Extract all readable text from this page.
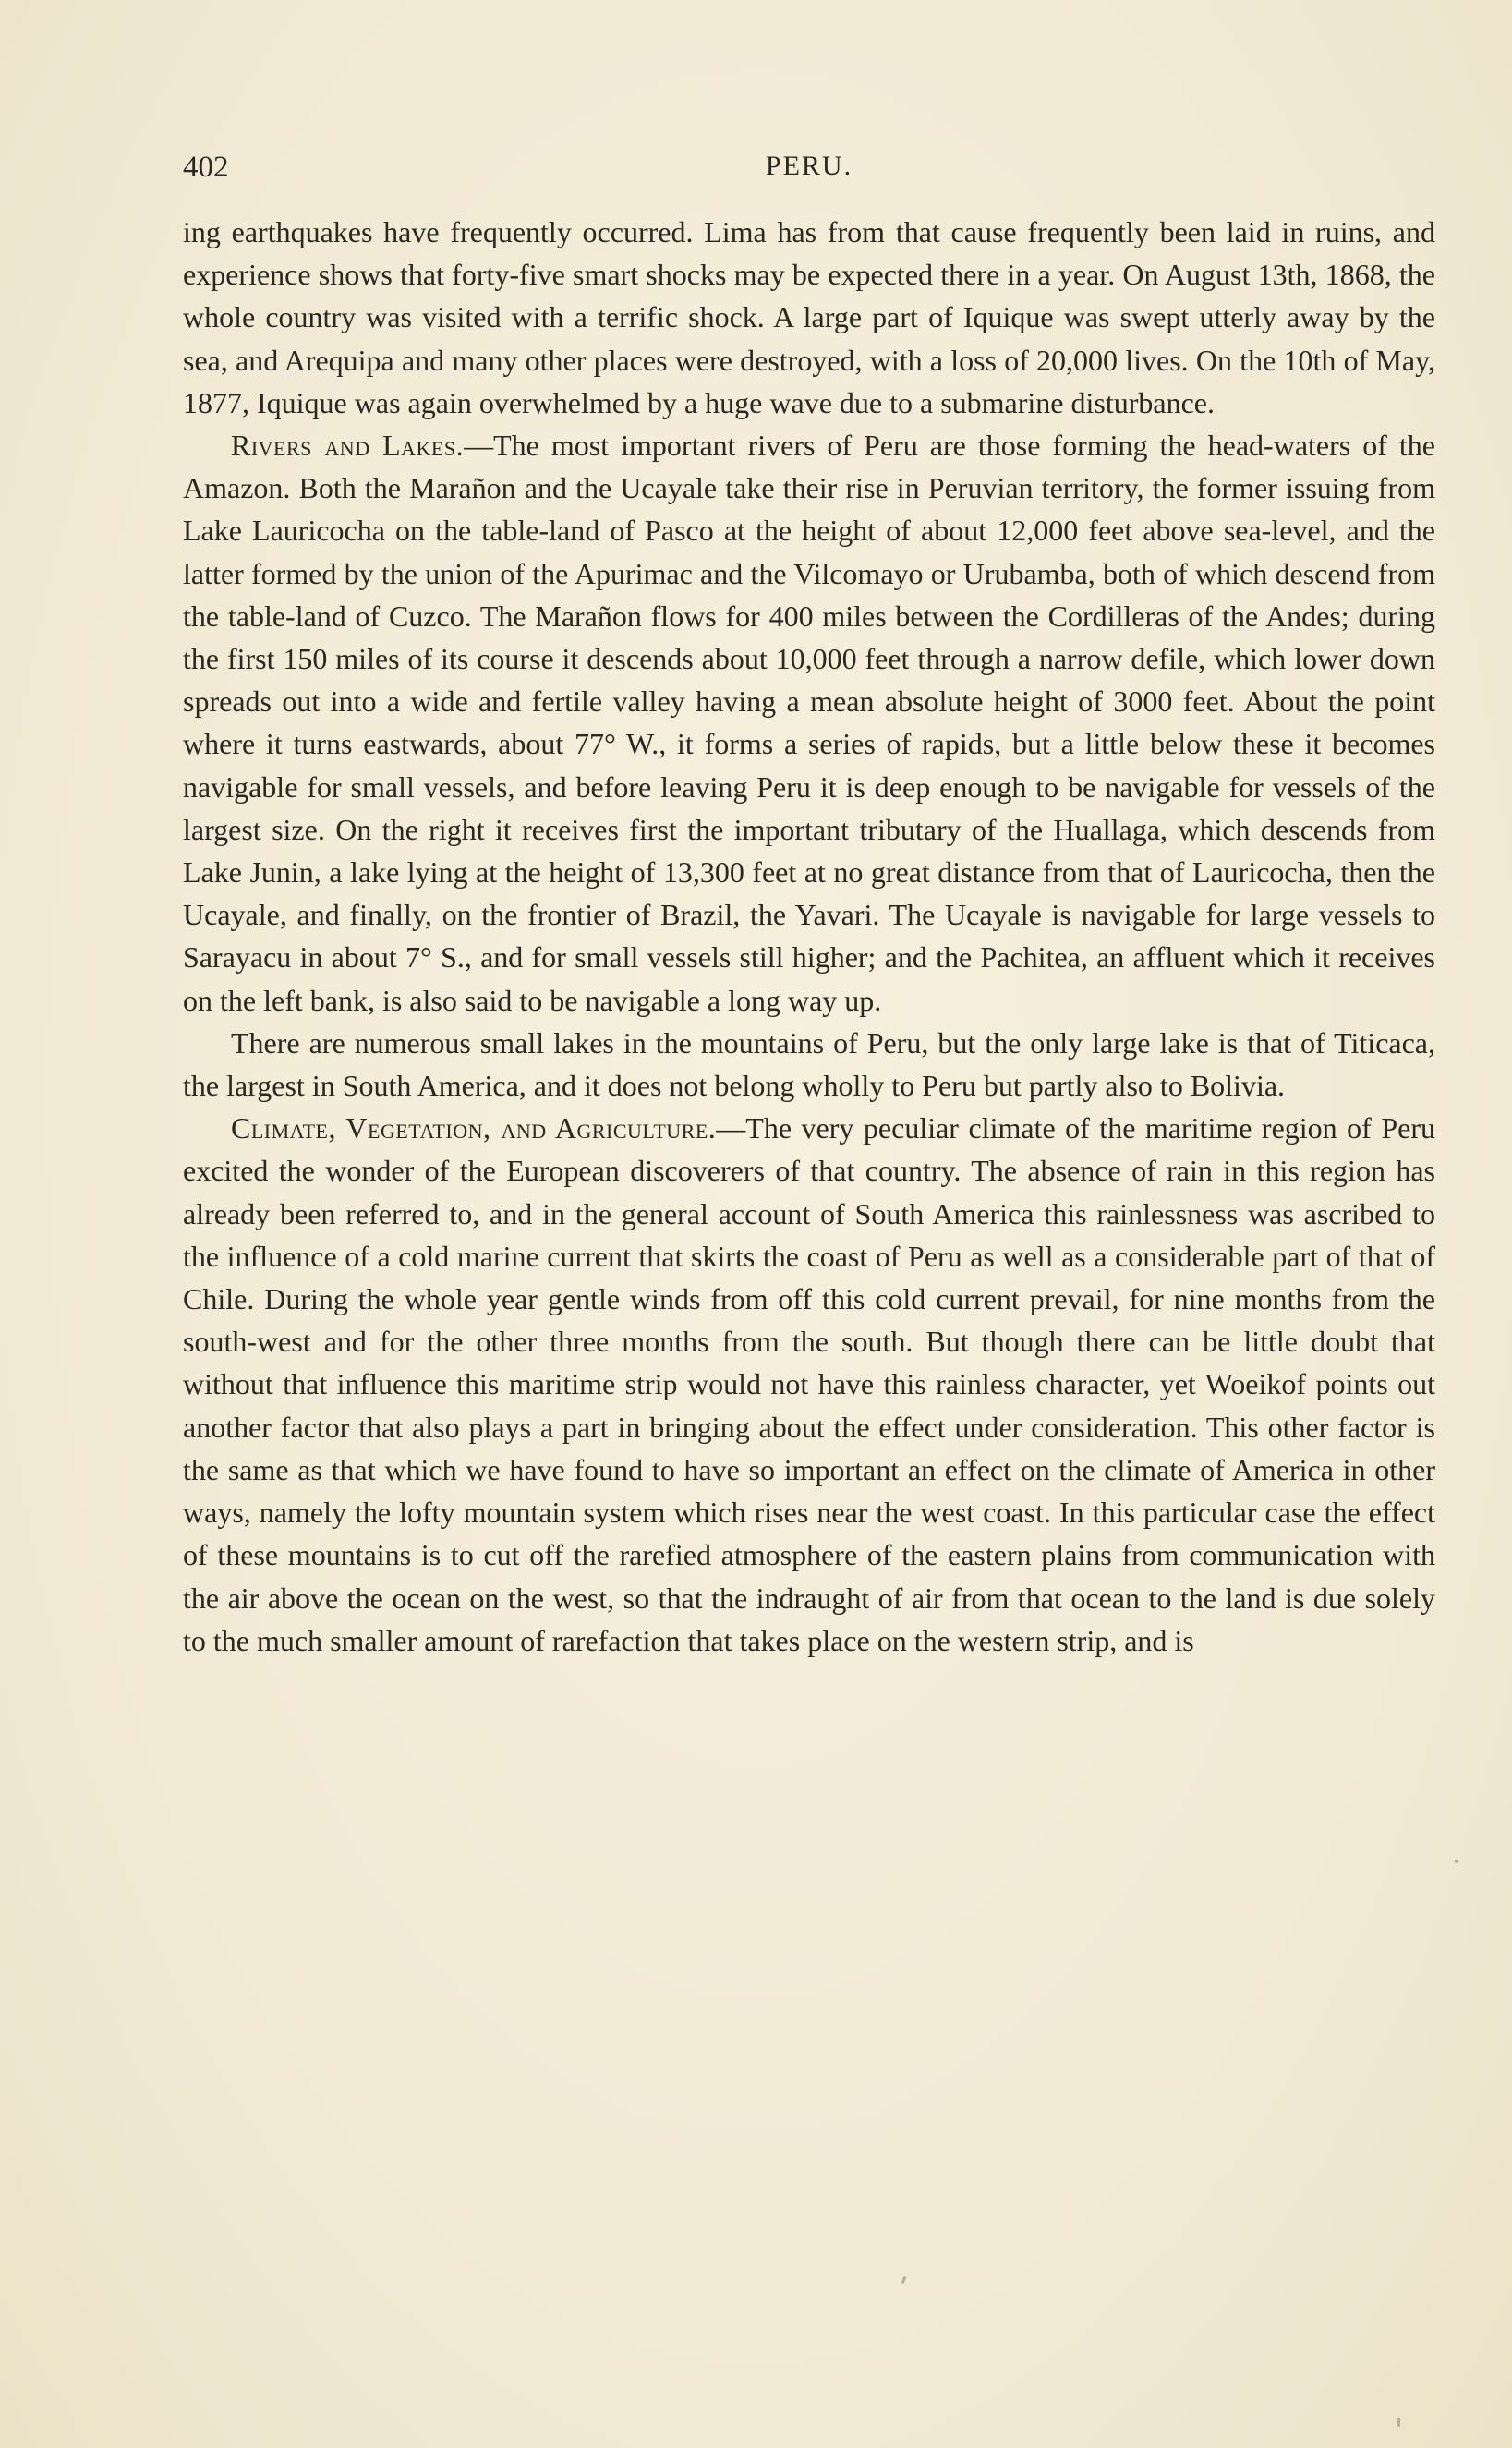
402	PERU.

ing earthquakes have frequently occurred. Lima has from that cause frequently been laid in ruins, and experience shows that forty-five smart shocks may be expected there in a year. On August 13th, 1868, the whole country was visited with a terrific shock. A large part of Iquique was swept utterly away by the sea, and Arequipa and many other places were destroyed, with a loss of 20,000 lives. On the 10th of May, 1877, Iquique was again overwhelmed by a huge wave due to a submarine disturbance.

Rivers and Lakes.—The most important rivers of Peru are those forming the head-waters of the Amazon. Both the Marañon and the Ucayale take their rise in Peruvian territory, the former issuing from Lake Lauricocha on the table-land of Pasco at the height of about 12,000 feet above sea-level, and the latter formed by the union of the Apurimac and the Vilcomayo or Urubamba, both of which descend from the table-land of Cuzco. The Marañon flows for 400 miles between the Cordilleras of the Andes; during the first 150 miles of its course it descends about 10,000 feet through a narrow defile, which lower down spreads out into a wide and fertile valley having a mean absolute height of 3000 feet. About the point where it turns eastwards, about 77° W., it forms a series of rapids, but a little below these it becomes navigable for small vessels, and before leaving Peru it is deep enough to be navigable for vessels of the largest size. On the right it receives first the important tributary of the Huallaga, which descends from Lake Junin, a lake lying at the height of 13,300 feet at no great distance from that of Lauricocha, then the Ucayale, and finally, on the frontier of Brazil, the Yavari. The Ucayale is navigable for large vessels to Sarayacu in about 7° S., and for small vessels still higher; and the Pachitea, an affluent which it receives on the left bank, is also said to be navigable a long way up.

There are numerous small lakes in the mountains of Peru, but the only large lake is that of Titicaca, the largest in South America, and it does not belong wholly to Peru but partly also to Bolivia.

Climate, Vegetation, and Agriculture.—The very peculiar climate of the maritime region of Peru excited the wonder of the European discoverers of that country. The absence of rain in this region has already been referred to, and in the general account of South America this rainlessness was ascribed to the influence of a cold marine current that skirts the coast of Peru as well as a considerable part of that of Chile. During the whole year gentle winds from off this cold current prevail, for nine months from the south-west and for the other three months from the south. But though there can be little doubt that without that influence this maritime strip would not have this rainless character, yet Woeikof points out another factor that also plays a part in bringing about the effect under consideration. This other factor is the same as that which we have found to have so important an effect on the climate of America in other ways, namely the lofty mountain system which rises near the west coast. In this particular case the effect of these mountains is to cut off the rarefied atmosphere of the eastern plains from communication with the air above the ocean on the west, so that the indraught of air from that ocean to the land is due solely to the much smaller amount of rarefaction that takes place on the western strip, and is
